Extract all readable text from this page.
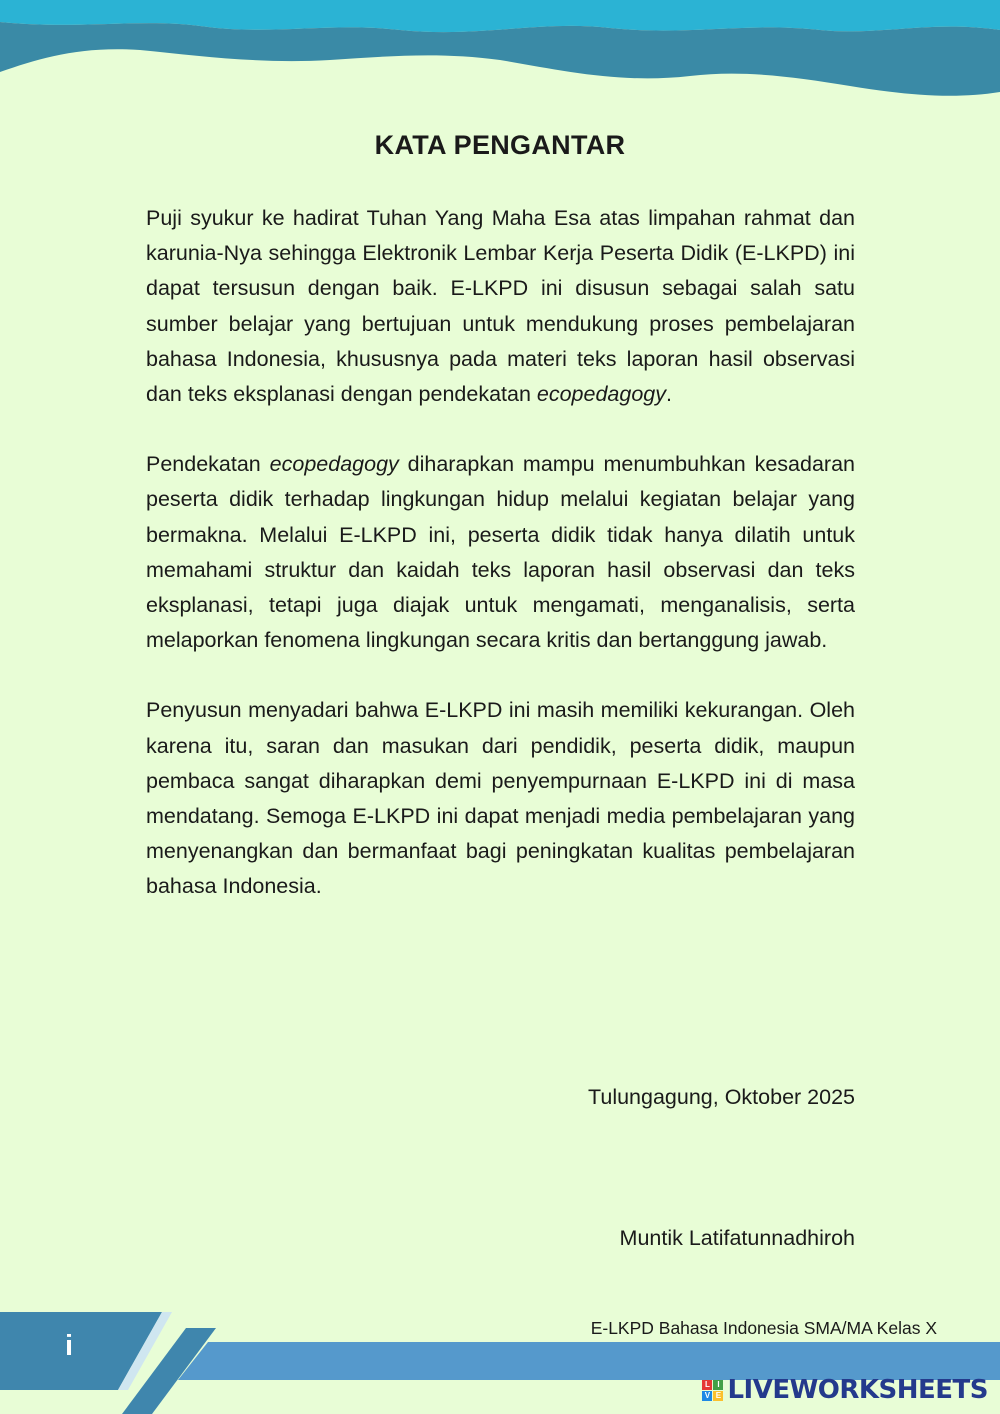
KATA PENGANTAR

Puji syukur ke hadirat Tuhan Yang Maha Esa atas limpahan rahmat dan karunia-Nya sehingga Elektronik Lembar Kerja Peserta Didik (E-LKPD) ini dapat tersusun dengan baik. E-LKPD ini disusun sebagai salah satu sumber belajar yang bertujuan untuk mendukung proses pembelajaran bahasa Indonesia, khususnya pada materi teks laporan hasil observasi dan teks eksplanasi dengan pendekatan ecopedagogy.

Pendekatan ecopedagogy diharapkan mampu menumbuhkan kesadaran peserta didik terhadap lingkungan hidup melalui kegiatan belajar yang bermakna. Melalui E-LKPD ini, peserta didik tidak hanya dilatih untuk memahami struktur dan kaidah teks laporan hasil observasi dan teks eksplanasi, tetapi juga diajak untuk mengamati, menganalisis, serta melaporkan fenomena lingkungan secara kritis dan bertanggung jawab.

Penyusun menyadari bahwa E-LKPD ini masih memiliki kekurangan. Oleh karena itu, saran dan masukan dari pendidik, peserta didik, maupun pembaca sangat diharapkan demi penyempurnaan E-LKPD ini di masa mendatang. Semoga E-LKPD ini dapat menjadi media pembelajaran yang menyenangkan dan bermanfaat bagi peningkatan kualitas pembelajaran bahasa Indonesia.

Tulungagung, Oktober 2025
Muntik Latifatunnadhiroh
i
E-LKPD Bahasa Indonesia SMA/MA Kelas X
L I
V E LIVEWORKSHEETS
